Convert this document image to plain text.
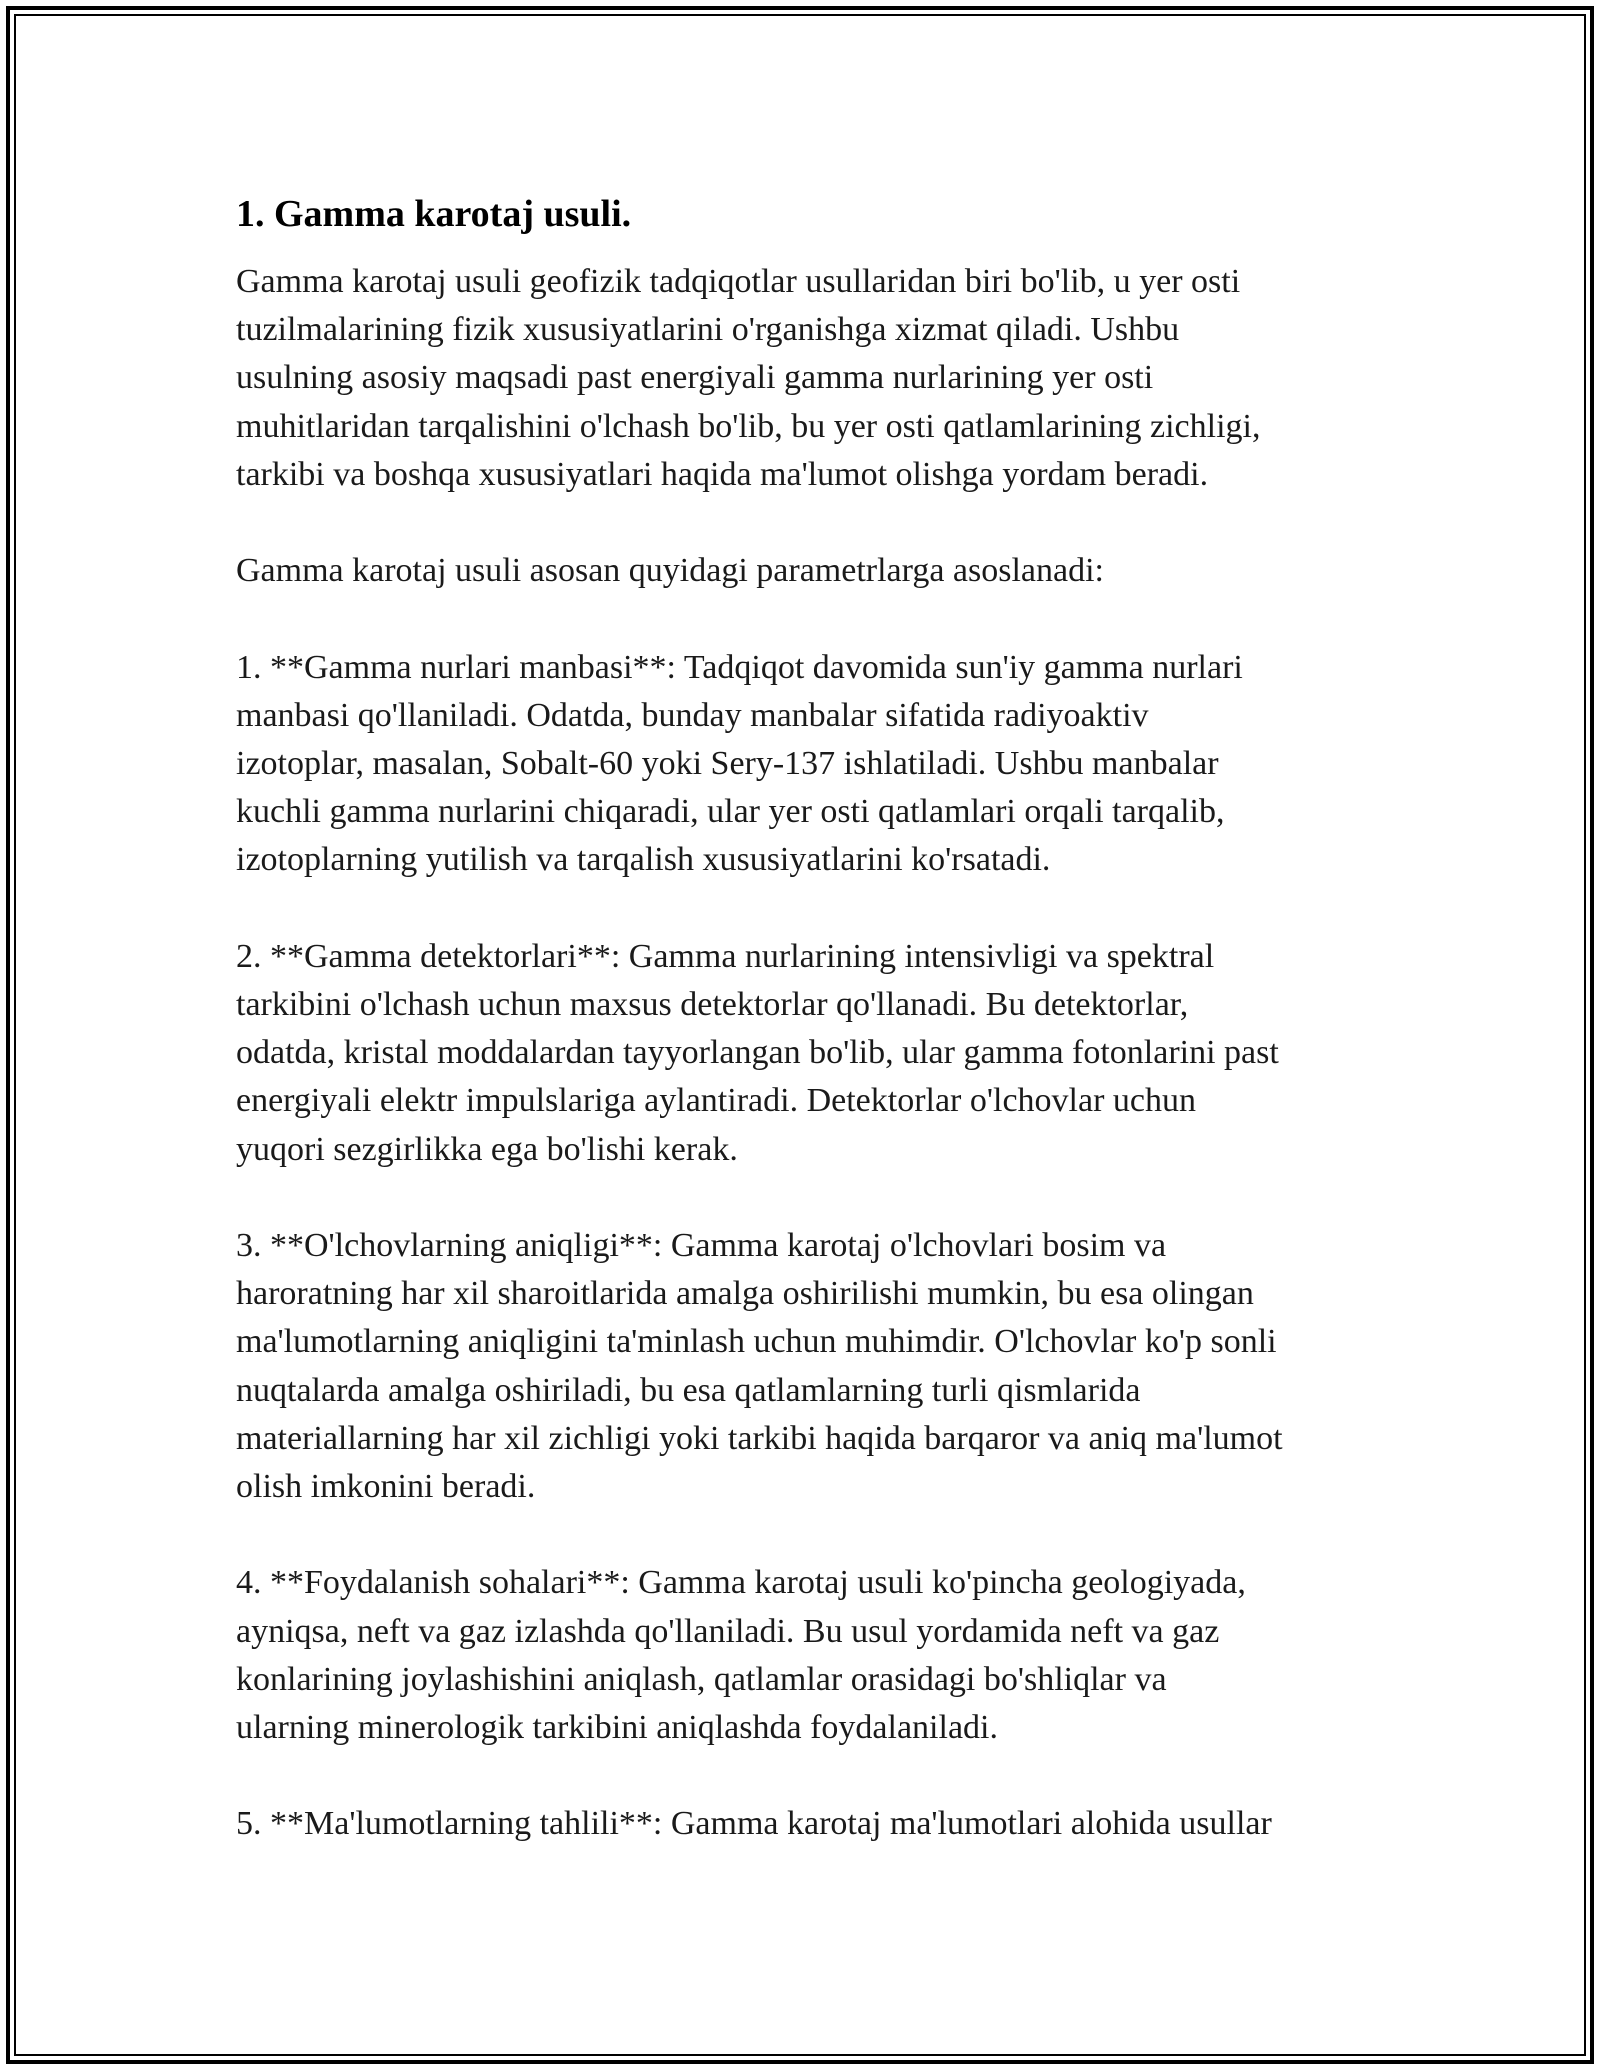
1. Gamma karotaj usuli.

Gamma karotaj usuli geofizik tadqiqotlar usullaridan biri bo'lib, u yer osti
tuzilmalarining fizik xususiyatlarini o'rganishga xizmat qiladi. Ushbu
usulning asosiy maqsadi past energiyali gamma nurlarining yer osti
muhitlaridan tarqalishini o'lchash bo'lib, bu yer osti qatlamlarining zichligi,
tarkibi va boshqa xususiyatlari haqida ma'lumot olishga yordam beradi.

Gamma karotaj usuli asosan quyidagi parametrlarga asoslanadi:

1. **Gamma nurlari manbasi**: Tadqiqot davomida sun'iy gamma nurlari
manbasi qo'llaniladi. Odatda, bunday manbalar sifatida radiyoaktiv
izotoplar, masalan, Sobalt-60 yoki Sery-137 ishlatiladi. Ushbu manbalar
kuchli gamma nurlarini chiqaradi, ular yer osti qatlamlari orqali tarqalib,
izotoplarning yutilish va tarqalish xususiyatlarini ko'rsatadi.

2. **Gamma detektorlari**: Gamma nurlarining intensivligi va spektral
tarkibini o'lchash uchun maxsus detektorlar qo'llanadi. Bu detektorlar,
odatda, kristal moddalardan tayyorlangan bo'lib, ular gamma fotonlarini past
energiyali elektr impulslariga aylantiradi. Detektorlar o'lchovlar uchun
yuqori sezgirlikka ega bo'lishi kerak.

3. **O'lchovlarning aniqligi**: Gamma karotaj o'lchovlari bosim va
haroratning har xil sharoitlarida amalga oshirilishi mumkin, bu esa olingan
ma'lumotlarning aniqligini ta'minlash uchun muhimdir. O'lchovlar ko'p sonli
nuqtalarda amalga oshiriladi, bu esa qatlamlarning turli qismlarida
materiallarning har xil zichligi yoki tarkibi haqida barqaror va aniq ma'lumot
olish imkonini beradi.

4. **Foydalanish sohalari**: Gamma karotaj usuli ko'pincha geologiyada,
ayniqsa, neft va gaz izlashda qo'llaniladi. Bu usul yordamida neft va gaz
konlarining joylashishini aniqlash, qatlamlar orasidagi bo'shliqlar va
ularning minerologik tarkibini aniqlashda foydalaniladi.

5. **Ma'lumotlarning tahlili**: Gamma karotaj ma'lumotlari alohida usullar
